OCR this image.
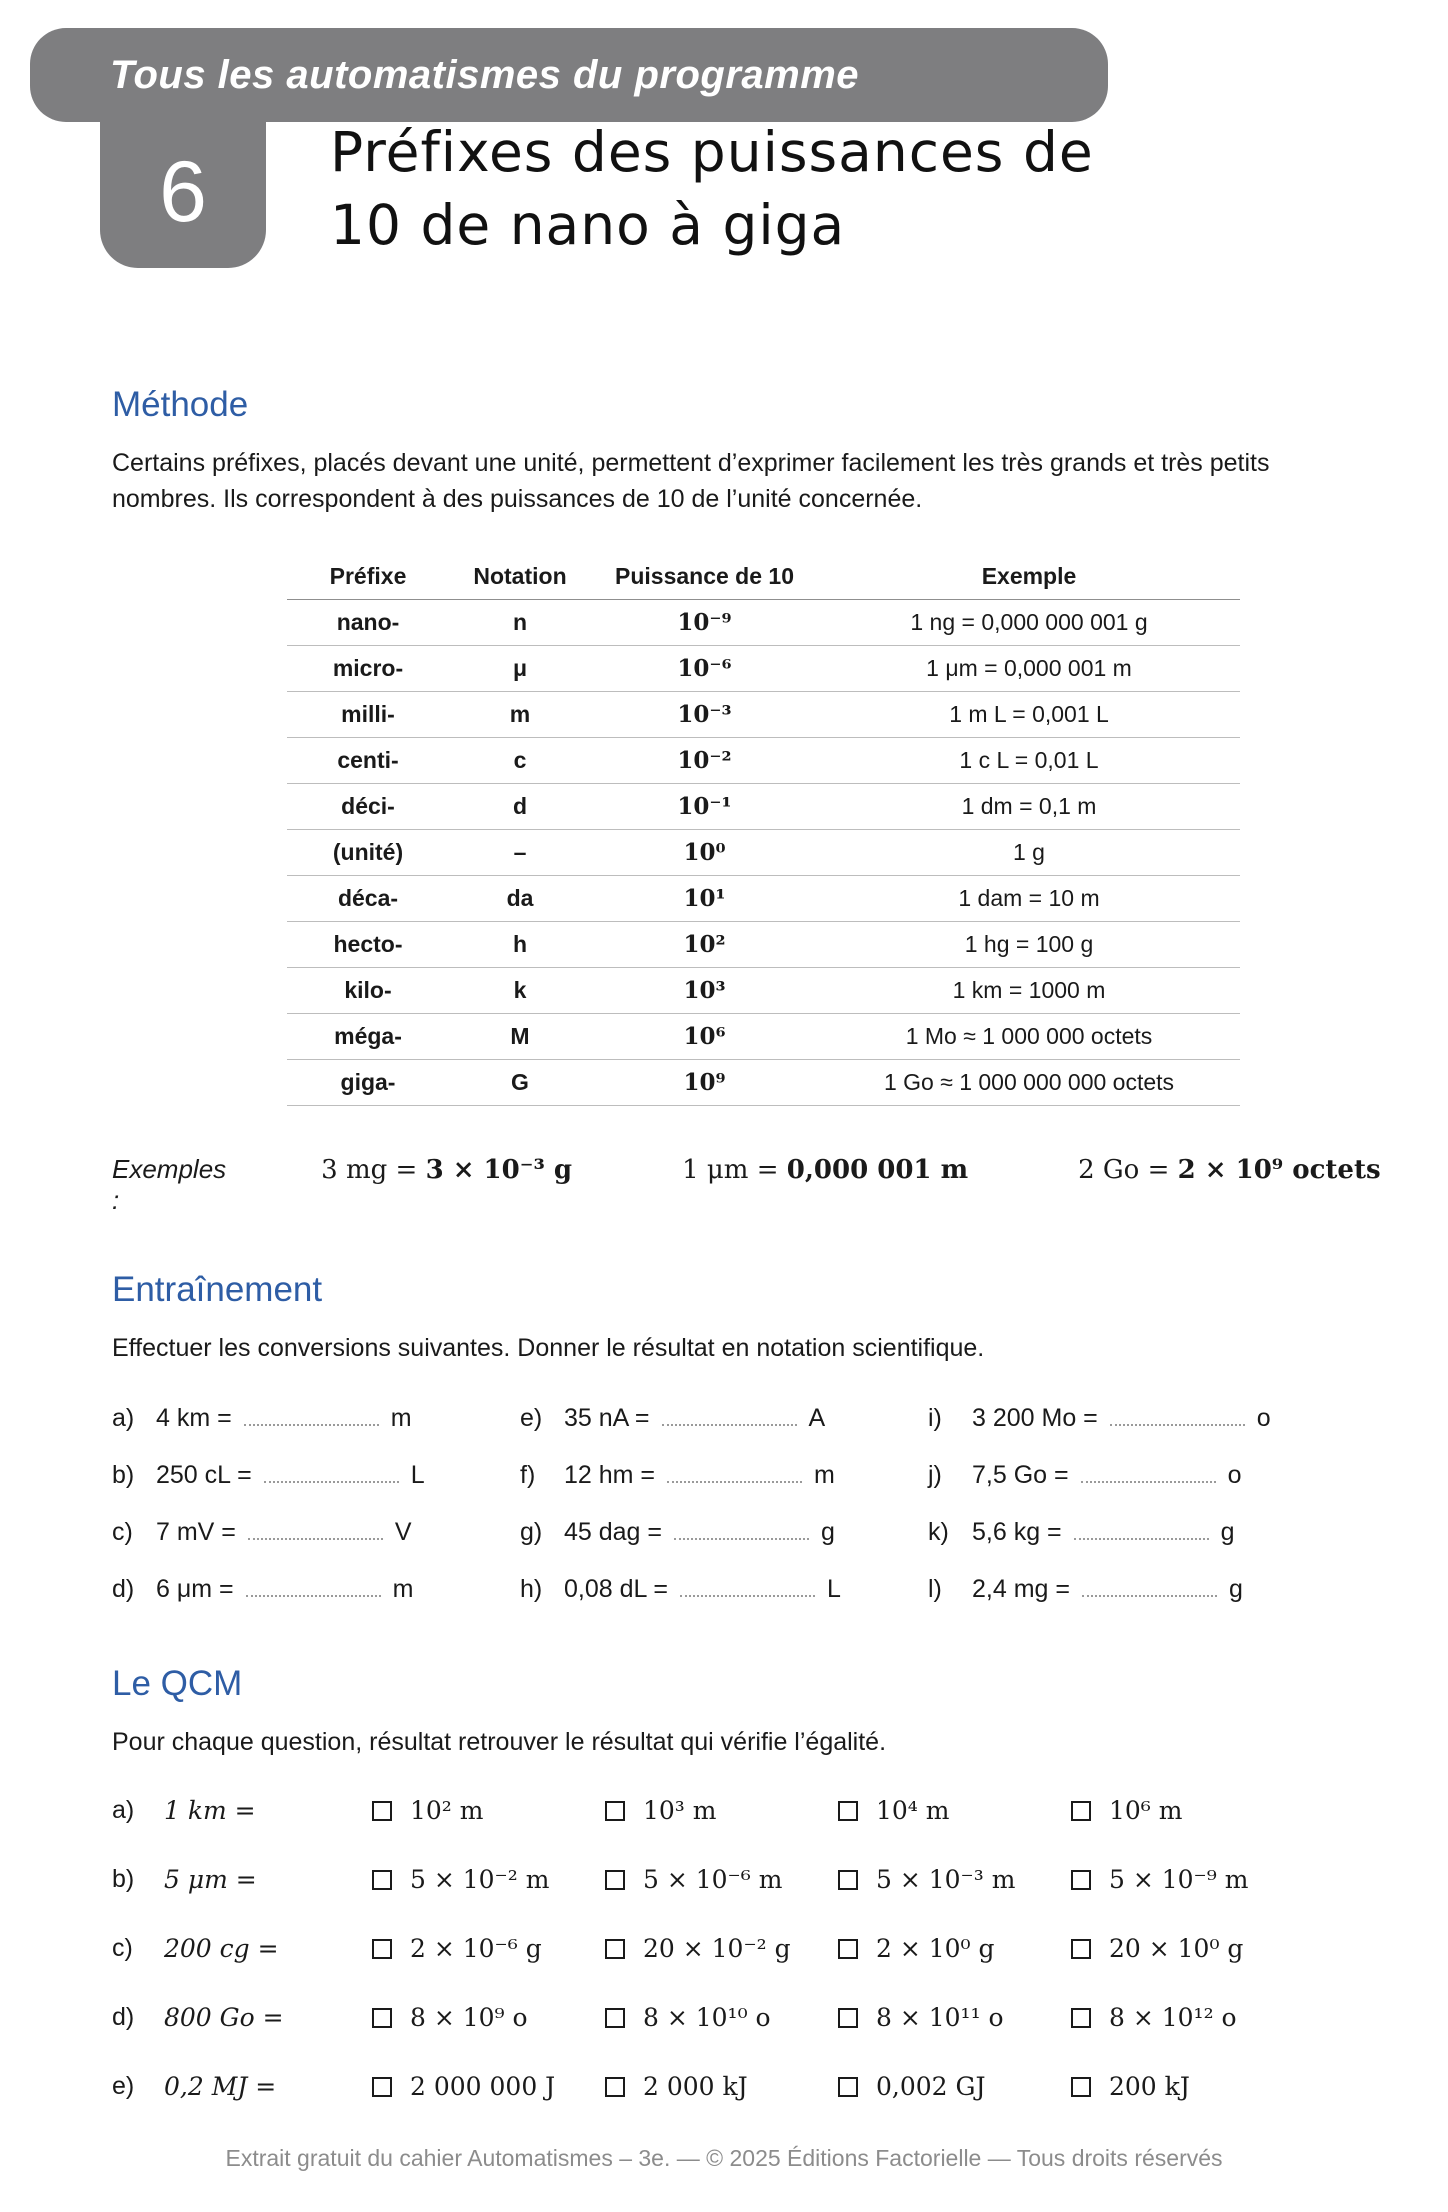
Tous les automatismes du programme
6 Préfixes des puissances de
10 de nano à giga
Méthode

Certains préfixes, placés devant une unité, permettent d’exprimer facilement les très grands et très petits nombres. Ils correspondent à des puissances de 10 de l’unité concernée.

Préfixe	Notation	Puissance de 10	Exemple
nano-	n	10⁻⁹	1 ng = 0,000 000 001 g
micro-	μ	10⁻⁶	1 μm = 0,000 001 m
milli-	m	10⁻³	1 m L = 0,001 L
centi-	c	10⁻²	1 c L = 0,01 L
déci-	d	10⁻¹	1 dm = 0,1 m
(unité)	–	10⁰	1 g
déca-	da	10¹	1 dam = 10 m
hecto-	h	10²	1 hg = 100 g
kilo-	k	10³	1 km = 1000 m
méga-	M	10⁶	1 Mo ≈ 1 000 000 octets
giga-	G	10⁹	1 Go ≈ 1 000 000 000 octets
Exemples :
3 mg = 3 × 10⁻³ g	1 μm = 0,000 001 m	2 Go = 2 × 10⁹ octets
Entraînement

Effectuer les conversions suivantes. Donner le résultat en notation scientifique.

a) 4 km =	m
b) 250 cL =	L
c) 7 mV =	V
d) 6 μm =	m
e) 35 nA =	A
f)	12 hm =	m
g) 45 dag =	g
h) 0,08 dL =	L
i)	3 200 Mo =	o
j)	7,5 Go =	o
k) 5,6 kg =	g
l)	2,4 mg =	g
Le QCM

Pour chaque question, résultat retrouver le résultat qui vérifie l’égalité.

a)	1 km =	10² m	10³ m	10⁴ m	10⁶ m
b)	5 μm =	5 × 10⁻² m	5 × 10⁻⁶ m	5 × 10⁻³ m	5 × 10⁻⁹ m
c)	200 cg =	2 × 10⁻⁶ g	20 × 10⁻² g	2 × 10⁰ g	20 × 10⁰ g
d)	800 Go =	8 × 10⁹ o	8 × 10¹⁰ o	8 × 10¹¹ o	8 × 10¹² o
e)	0,2 MJ =	2 000 000 J	2 000 kJ	0,002 GJ	200 kJ

Extrait gratuit du cahier Automatismes – 3e. — © 2025 Éditions Factorielle — Tous droits réservés
